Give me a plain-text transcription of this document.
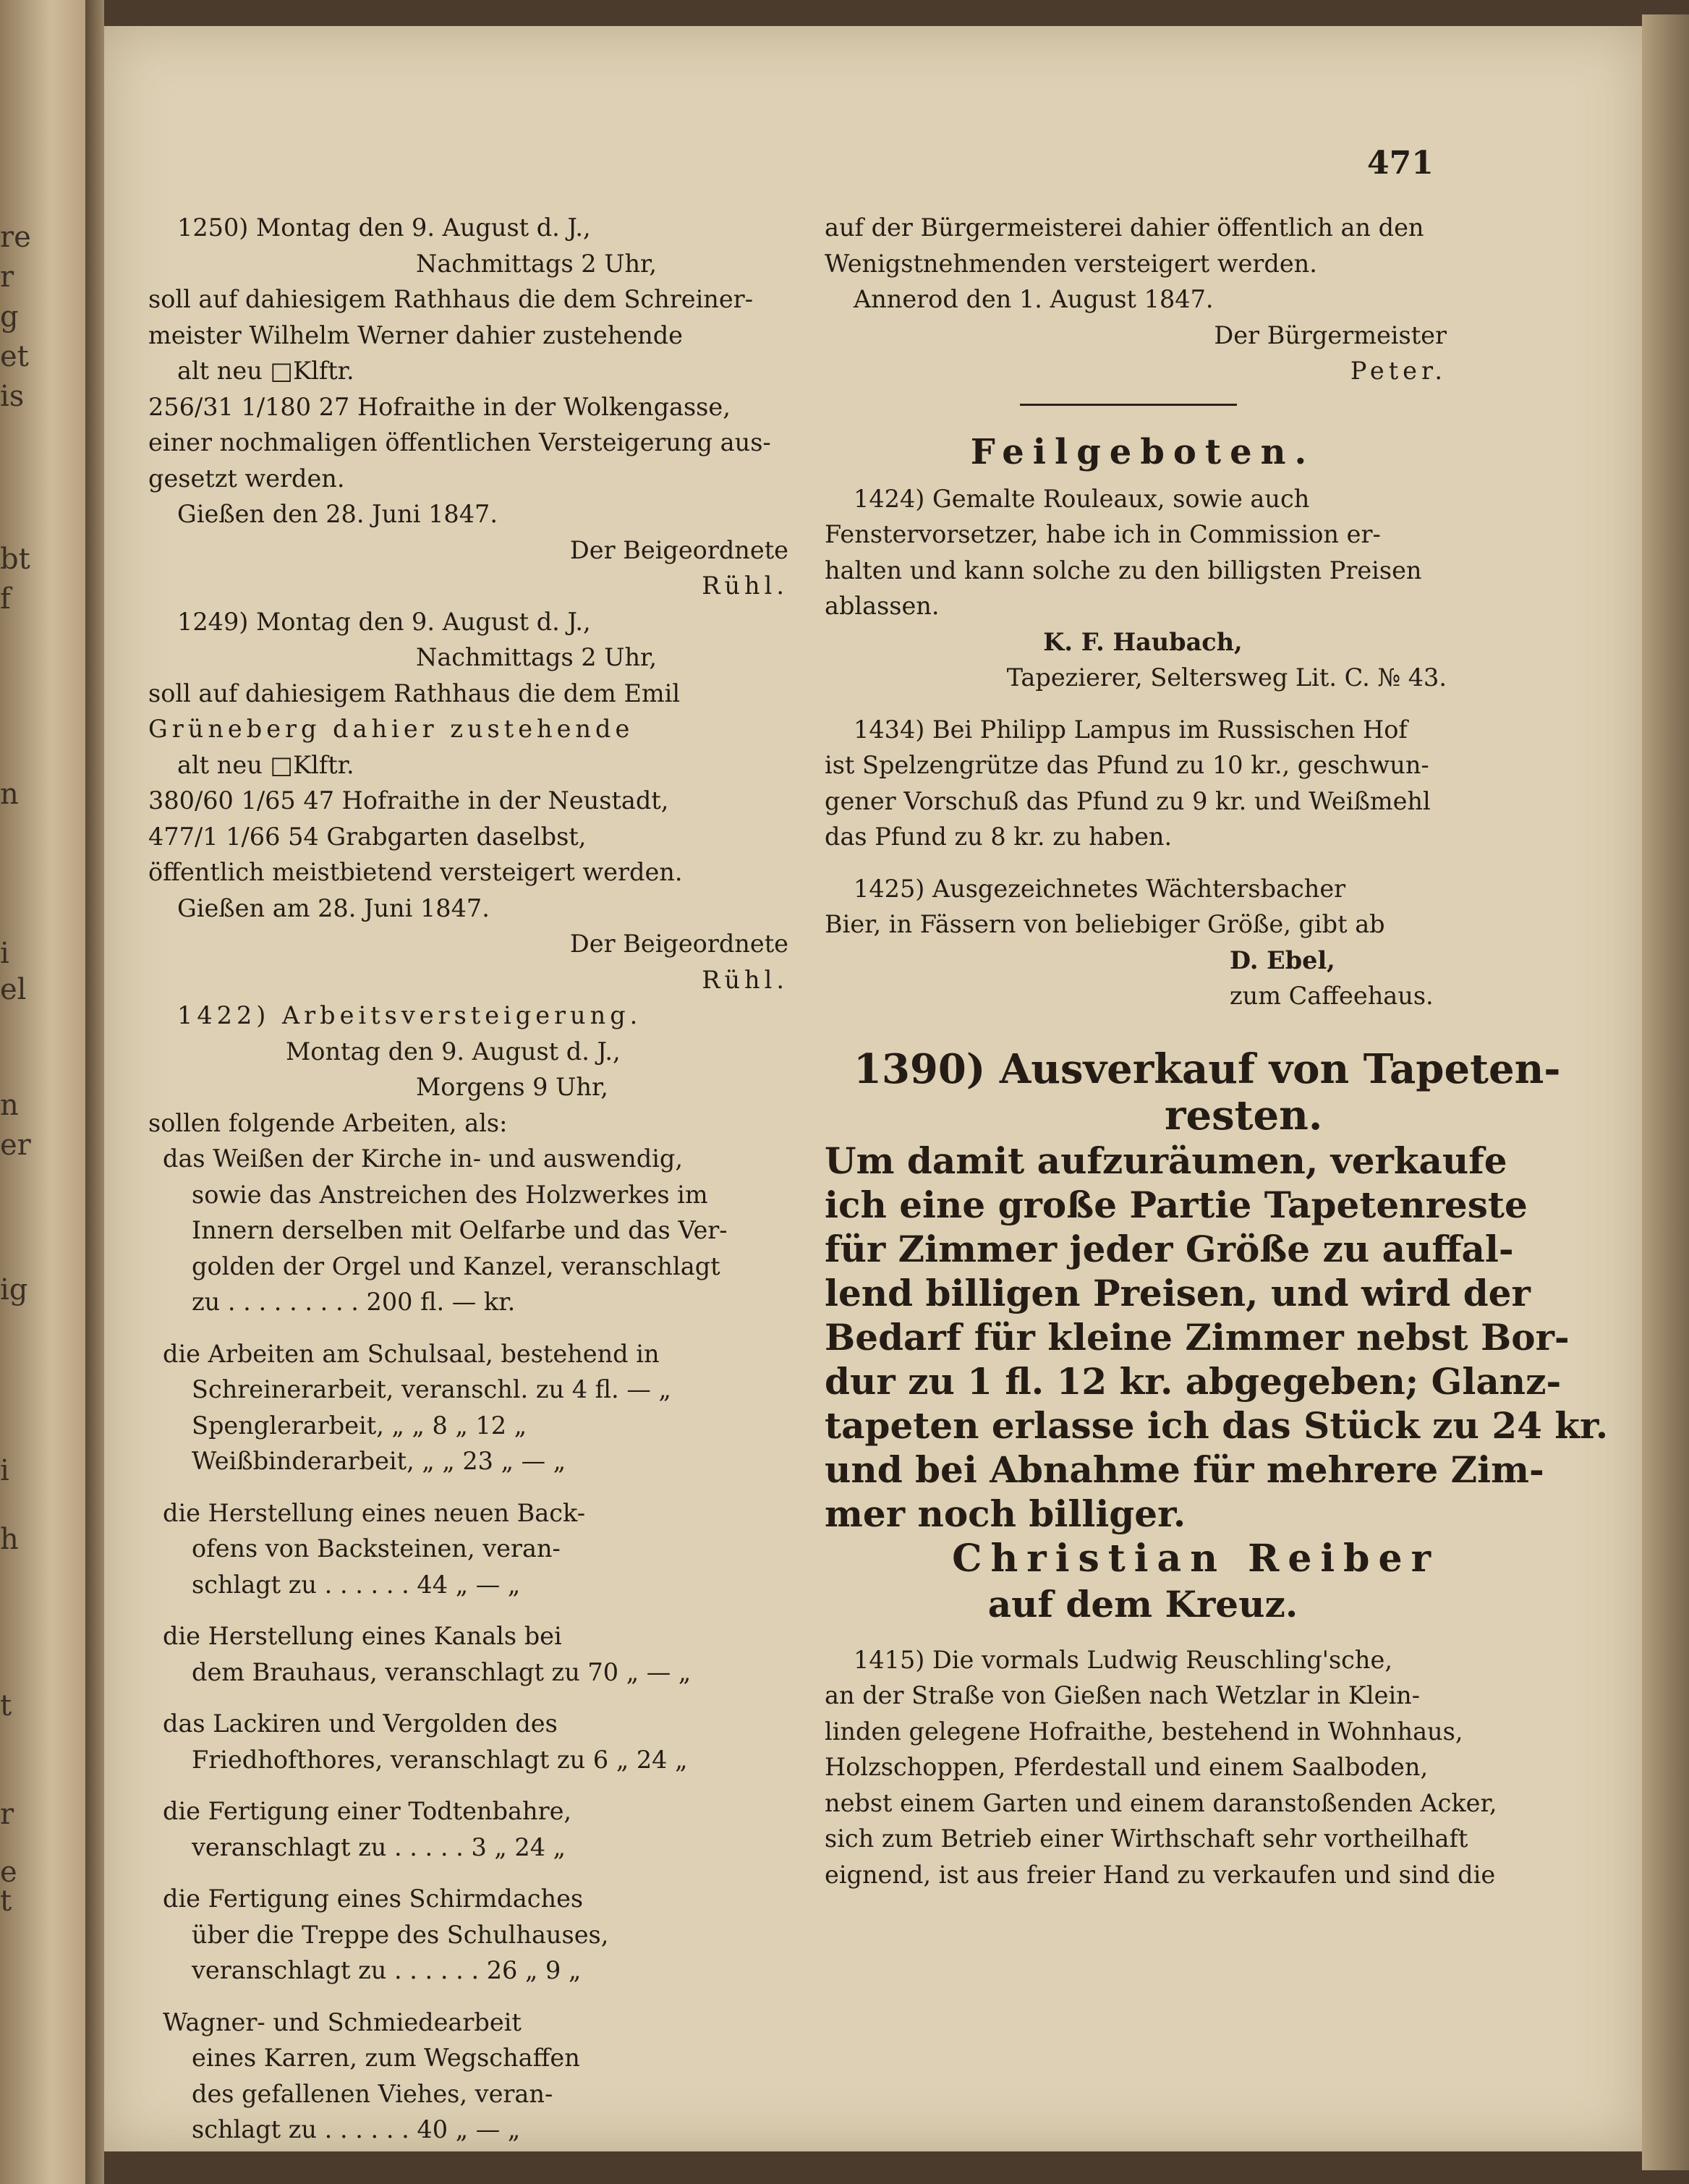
re
r
g
et
is
bt
f
n
i
el
n
er
ig
i
h
t
r
e
t
471
1250) Montag den 9. August d. J.,
Nachmittags 2 Uhr,
soll auf dahiesigem Rathhaus die dem Schreiner-
meister Wilhelm Werner dahier zustehende
alt neu □Klftr.
256/31 1/180 27 Hofraithe in der Wolkengasse,
einer nochmaligen öffentlichen Versteigerung aus-
gesetzt werden.
Gießen den 28. Juni 1847.
Der Beigeordnete
Rühl.
1249) Montag den 9. August d. J.,
Nachmittags 2 Uhr,
soll auf dahiesigem Rathhaus die dem Emil
Grüneberg dahier zustehende
alt neu □Klftr.
380/60 1/65 47 Hofraithe in der Neustadt,
477/1 1/66 54 Grabgarten daselbst,
öffentlich meistbietend versteigert werden.
Gießen am 28. Juni 1847.
Der Beigeordnete
Rühl.
1422) Arbeitsversteigerung.
Montag den 9. August d. J.,
Morgens 9 Uhr,
sollen folgende Arbeiten, als:
das Weißen der Kirche in- und auswendig,
sowie das Anstreichen des Holzwerkes im
Innern derselben mit Oelfarbe und das Ver-
golden der Orgel und Kanzel, veranschlagt
zu . . . . . . . . . 200 fl. — kr.
die Arbeiten am Schulsaal, bestehend in
Schreinerarbeit, veranschl. zu 4 fl. — „
Spenglerarbeit, „ „ 8 „ 12 „
Weißbinderarbeit, „ „ 23 „ — „
die Herstellung eines neuen Back-
ofens von Backsteinen, veran-
schlagt zu . . . . . . 44 „ — „
die Herstellung eines Kanals bei
dem Brauhaus, veranschlagt zu 70 „ — „
das Lackiren und Vergolden des
Friedhofthores, veranschlagt zu 6 „ 24 „
die Fertigung einer Todtenbahre,
veranschlagt zu . . . . . 3 „ 24 „
die Fertigung eines Schirmdaches
über die Treppe des Schulhauses,
veranschlagt zu . . . . . . 26 „ 9 „
Wagner- und Schmiedearbeit
eines Karren, zum Wegschaffen
des gefallenen Viehes, veran-
schlagt zu . . . . . . 40 „ — „
auf der Bürgermeisterei dahier öffentlich an den
Wenigstnehmenden versteigert werden.
Annerod den 1. August 1847.
Der Bürgermeister
Peter.
Feilgeboten.
1424) Gemalte Rouleaux, sowie auch
Fenstervorsetzer, habe ich in Commission er-
halten und kann solche zu den billigsten Preisen
ablassen.
K. F. Haubach,
Tapezierer, Seltersweg Lit. C. № 43.
1434) Bei Philipp Lampus im Russischen Hof
ist Spelzengrütze das Pfund zu 10 kr., geschwun-
gener Vorschuß das Pfund zu 9 kr. und Weißmehl
das Pfund zu 8 kr. zu haben.
1425) Ausgezeichnetes Wächtersbacher
Bier, in Fässern von beliebiger Größe, gibt ab
D. Ebel,
zum Caffeehaus.
1390) Ausverkauf von Tapeten-
resten.
Um damit aufzuräumen, verkaufe
ich eine große Partie Tapetenreste
für Zimmer jeder Größe zu auffal-
lend billigen Preisen, und wird der
Bedarf für kleine Zimmer nebst Bor-
dur zu 1 fl. 12 kr. abgegeben; Glanz-
tapeten erlasse ich das Stück zu 24 kr.
und bei Abnahme für mehrere Zim-
mer noch billiger.
Christian Reiber
auf dem Kreuz.
1415) Die vormals Ludwig Reuschling'sche,
an der Straße von Gießen nach Wetzlar in Klein-
linden gelegene Hofraithe, bestehend in Wohnhaus,
Holzschoppen, Pferdestall und einem Saalboden,
nebst einem Garten und einem daranstoßenden Acker,
sich zum Betrieb einer Wirthschaft sehr vortheilhaft
eignend, ist aus freier Hand zu verkaufen und sind die
